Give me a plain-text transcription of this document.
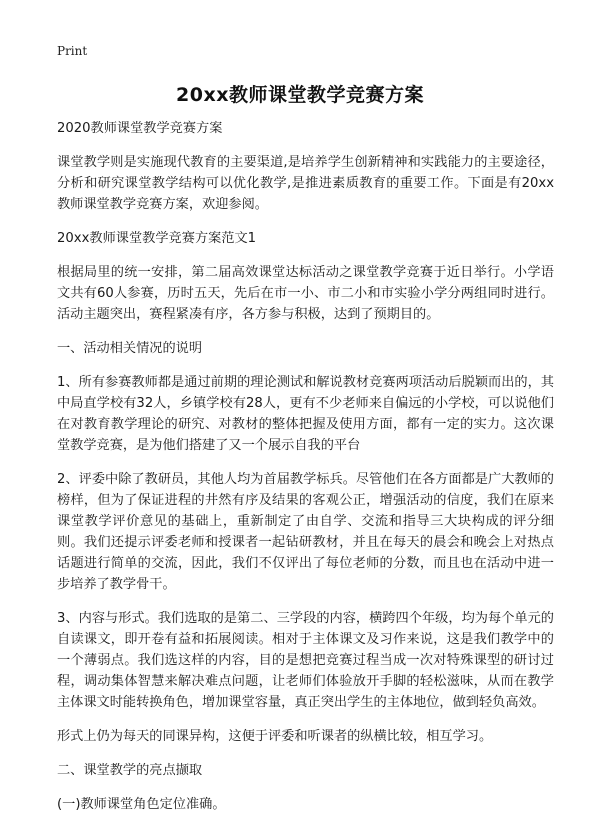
Print
20xx教师课堂教学竞赛方案

2020教师课堂教学竞赛方案

课堂教学则是实施现代教育的主要渠道,是培养学生创新精神和实践能力的主要途径，分析和研究课堂教学结构可以优化教学,是推进素质教育的重要工作。下面是有20xx教师课堂教学竞赛方案，欢迎参阅。

20xx教师课堂教学竞赛方案范文1

根据局里的统一安排，第二届高效课堂达标活动之课堂教学竞赛于近日举行。小学语文共有60人参赛，历时五天，先后在市一小、市二小和市实验小学分两组同时进行。活动主题突出，赛程紧凑有序，各方参与积极，达到了预期目的。

一、活动相关情况的说明

1、所有参赛教师都是通过前期的理论测试和解说教材竞赛两项活动后脱颖而出的，其中局直学校有32人，乡镇学校有28人，更有不少老师来自偏远的小学校，可以说他们在对教育教学理论的研究、对教材的整体把握及使用方面，都有一定的实力。这次课堂教学竞赛，是为他们搭建了又一个展示自我的平台

2、评委中除了教研员，其他人均为首届教学标兵。尽管他们在各方面都是广大教师的榜样，但为了保证进程的井然有序及结果的客观公正，增强活动的信度，我们在原来课堂教学评价意见的基础上，重新制定了由自学、交流和指导三大块构成的评分细则。我们还提示评委老师和授课者一起钻研教材，并且在每天的晨会和晚会上对热点话题进行简单的交流，因此，我们不仅评出了每位老师的分数，而且也在活动中进一步培养了教学骨干。

3、内容与形式。我们选取的是第二、三学段的内容，横跨四个年级，均为每个单元的自读课文，即开卷有益和拓展阅读。相对于主体课文及习作来说，这是我们教学中的一个薄弱点。我们选这样的内容，目的是想把竞赛过程当成一次对特殊课型的研讨过程，调动集体智慧来解决难点问题，让老师们体验放开手脚的轻松滋味，从而在教学主体课文时能转换角色，增加课堂容量，真正突出学生的主体地位，做到轻负高效。

形式上仍为每天的同课异构，这便于评委和听课者的纵横比较，相互学习。

二、课堂教学的亮点撷取

(一)教师课堂角色定位准确。
